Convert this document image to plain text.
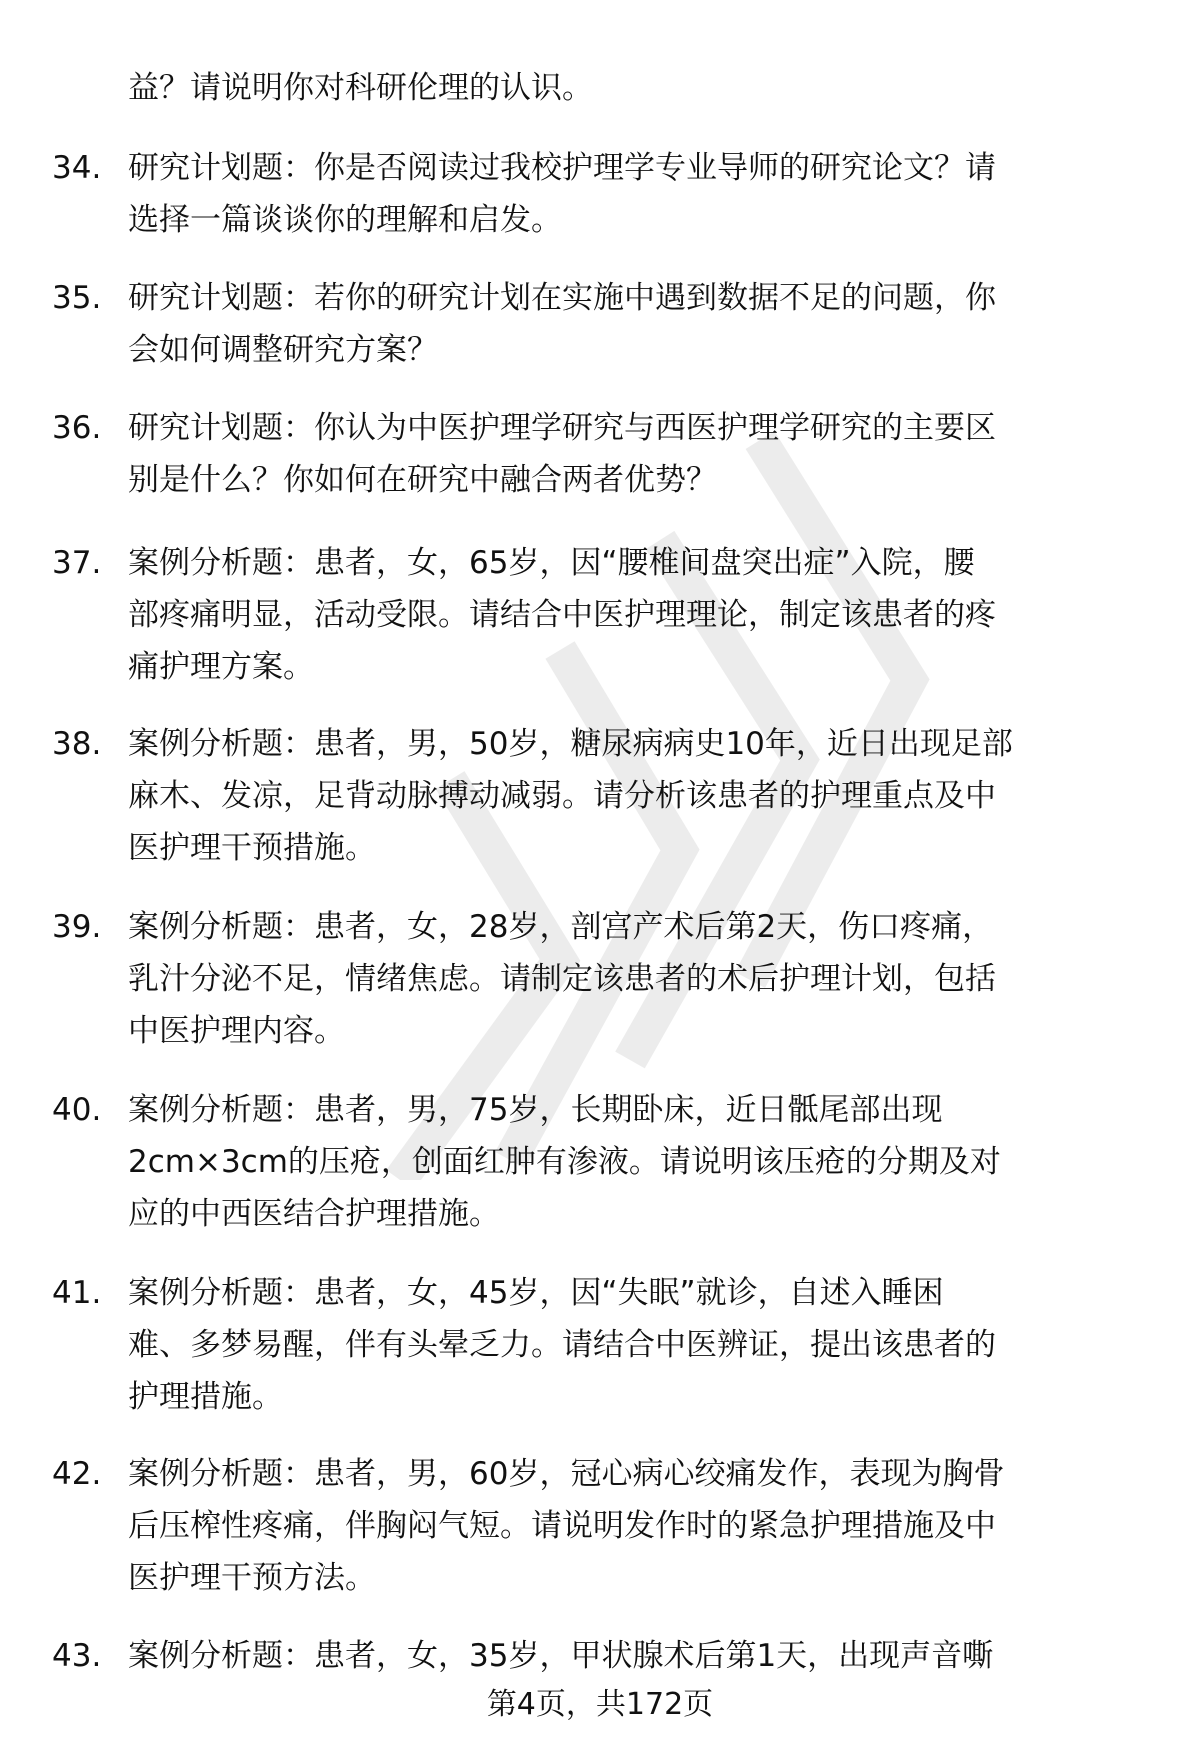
益？请说明你对科研伦理的认识。
34. 研究计划题：你是否阅读过我校护理学专业导师的研究论文？请
选择一篇谈谈你的理解和启发。
35. 研究计划题：若你的研究计划在实施中遇到数据不足的问题，你
会如何调整研究方案？
36. 研究计划题：你认为中医护理学研究与西医护理学研究的主要区
别是什么？你如何在研究中融合两者优势？
37. 案例分析题：患者，女，65岁，因“腰椎间盘突出症”入院，腰
部疼痛明显，活动受限。请结合中医护理理论，制定该患者的疼
痛护理方案。
38. 案例分析题：患者，男，50岁，糖尿病病史10年，近日出现足部
麻木、发凉，足背动脉搏动减弱。请分析该患者的护理重点及中
医护理干预措施。
39. 案例分析题：患者，女，28岁，剖宫产术后第2天，伤口疼痛，
乳汁分泌不足，情绪焦虑。请制定该患者的术后护理计划，包括
中医护理内容。
40. 案例分析题：患者，男，75岁，长期卧床，近日骶尾部出现
2cm×3cm的压疮，创面红肿有渗液。请说明该压疮的分期及对
应的中西医结合护理措施。
41. 案例分析题：患者，女，45岁，因“失眠”就诊，自述入睡困
难、多梦易醒，伴有头晕乏力。请结合中医辨证，提出该患者的
护理措施。
42. 案例分析题：患者，男，60岁，冠心病心绞痛发作，表现为胸骨
后压榨性疼痛，伴胸闷气短。请说明发作时的紧急护理措施及中
医护理干预方法。
43. 案例分析题：患者，女，35岁，甲状腺术后第1天，出现声音嘶
第4页，共172页
